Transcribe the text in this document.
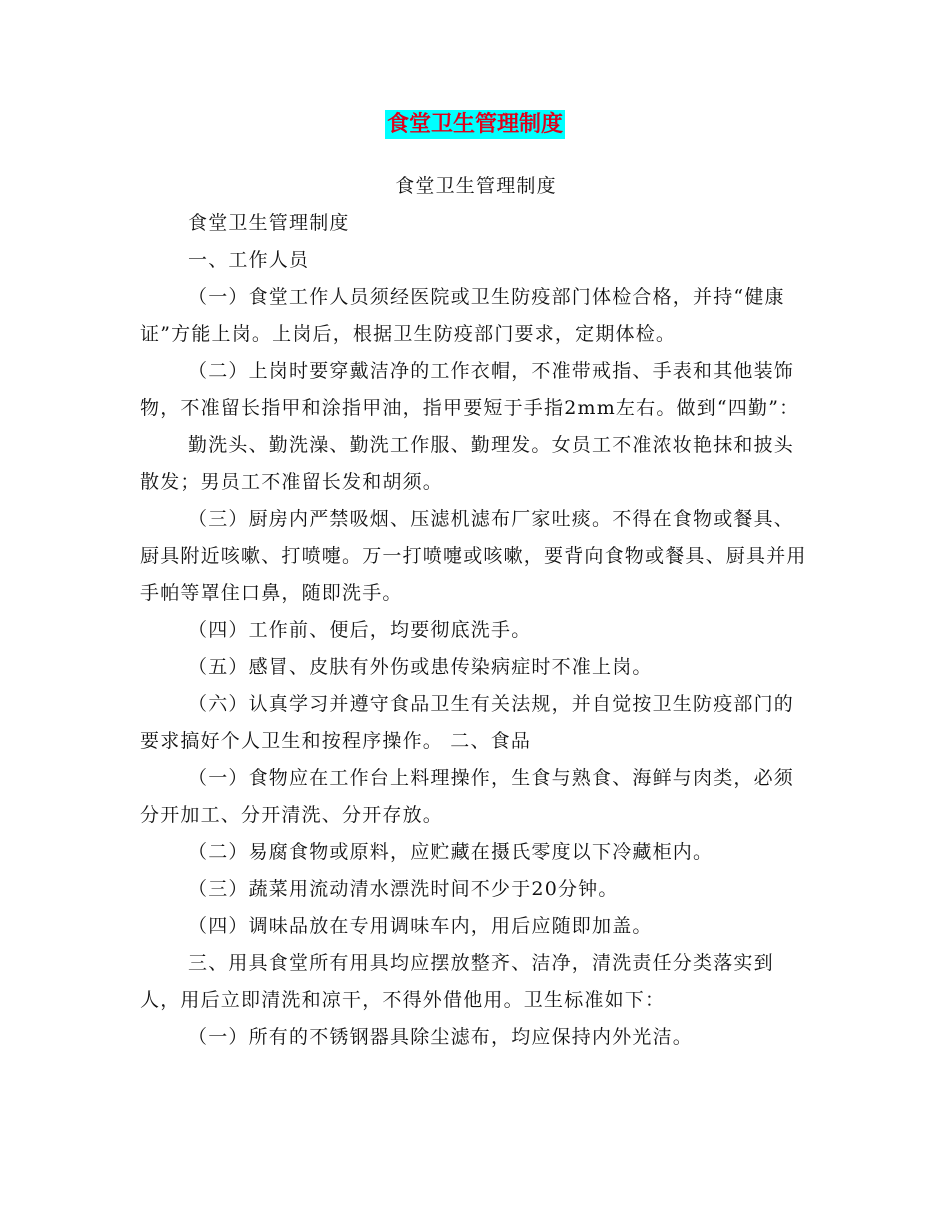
食堂卫生管理制度

食堂卫生管理制度

食堂卫生管理制度

一、工作人员

（一）食堂工作人员须经医院或卫生防疫部门体检合格，并持“健康证”方能上岗。上岗后，根据卫生防疫部门要求，定期体检。

（二）上岗时要穿戴洁净的工作衣帽，不准带戒指、手表和其他装饰物，不准留长指甲和涂指甲油，指甲要短于手指2mm左右。做到“四勤”：

勤洗头、勤洗澡、勤洗工作服、勤理发。女员工不准浓妆艳抹和披头散发；男员工不准留长发和胡须。

（三）厨房内严禁吸烟、压滤机滤布厂家吐痰。不得在食物或餐具、厨具附近咳嗽、打喷嚏。万一打喷嚏或咳嗽，要背向食物或餐具、厨具并用手帕等罩住口鼻，随即洗手。

（四）工作前、便后，均要彻底洗手。

（五）感冒、皮肤有外伤或患传染病症时不准上岗。

（六）认真学习并遵守食品卫生有关法规，并自觉按卫生防疫部门的要求搞好个人卫生和按程序操作。 二、食品

（一）食物应在工作台上料理操作，生食与熟食、海鲜与肉类，必须分开加工、分开清洗、分开存放。

（二）易腐食物或原料，应贮藏在摄氏零度以下冷藏柜内。

（三）蔬菜用流动清水漂洗时间不少于20分钟。

（四）调味品放在专用调味车内，用后应随即加盖。

三、用具食堂所有用具均应摆放整齐、洁净，清洗责任分类落实到人，用后立即清洗和凉干，不得外借他用。卫生标准如下：

（一）所有的不锈钢器具除尘滤布，均应保持内外光洁。
